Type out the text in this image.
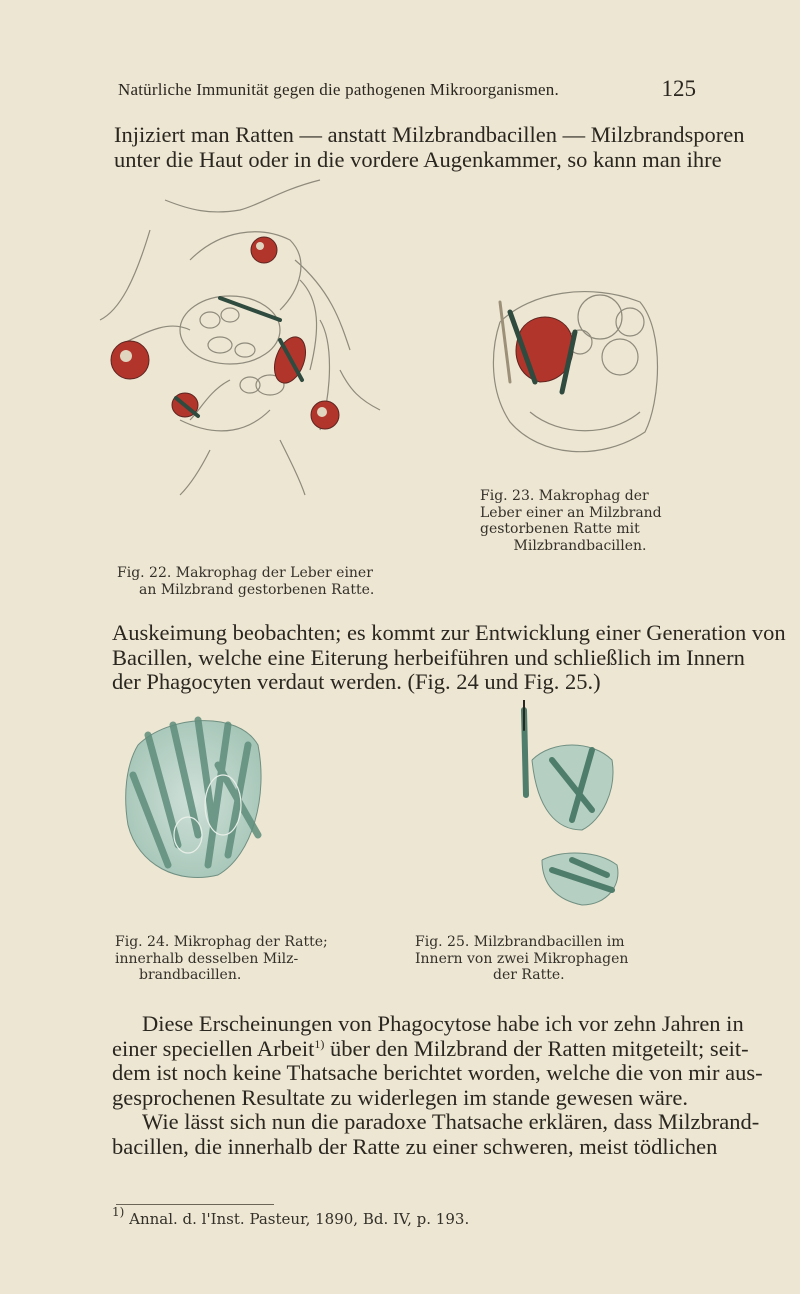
Natürliche Immunität gegen die pathogenen Mikroorganismen.	125
Injiziert man Ratten — anstatt Milzbrandbacillen — Milzbrandsporen
unter die Haut oder in die vordere Augenkammer, so kann man ihre
Fig. 23. Makrophag der
Leber einer an Milzbrand
gestorbenen Ratte mit
Milzbrandbacillen.
Fig. 22. Makrophag der Leber einer
an Milzbrand gestorbenen Ratte.
Auskeimung beobachten; es kommt zur Entwicklung einer Generation von
Bacillen, welche eine Eiterung herbeiführen und schließlich im Innern
der Phagocyten verdaut werden. (Fig. 24 und Fig. 25.)
Fig. 24. Mikrophag der Ratte;
innerhalb desselben Milz-
brandbacillen.
Fig. 25. Milzbrandbacillen im
Innern von zwei Mikrophagen
der Ratte.
Diese Erscheinungen von Phagocytose habe ich vor zehn Jahren in
einer speciellen Arbeit$^{1)}$ über den Milzbrand der Ratten mitgeteilt; seit-
dem ist noch keine Thatsache berichtet worden, welche die von mir aus-
gesprochenen Resultate zu widerlegen im stande gewesen wäre.
Wie lässt sich nun die paradoxe Thatsache erklären, dass Milzbrand-
bacillen, die innerhalb der Ratte zu einer schweren, meist tödlichen
$^{1)}$ Annal. d. l'Inst. Pasteur, 1890, Bd. IV, p. 193.
